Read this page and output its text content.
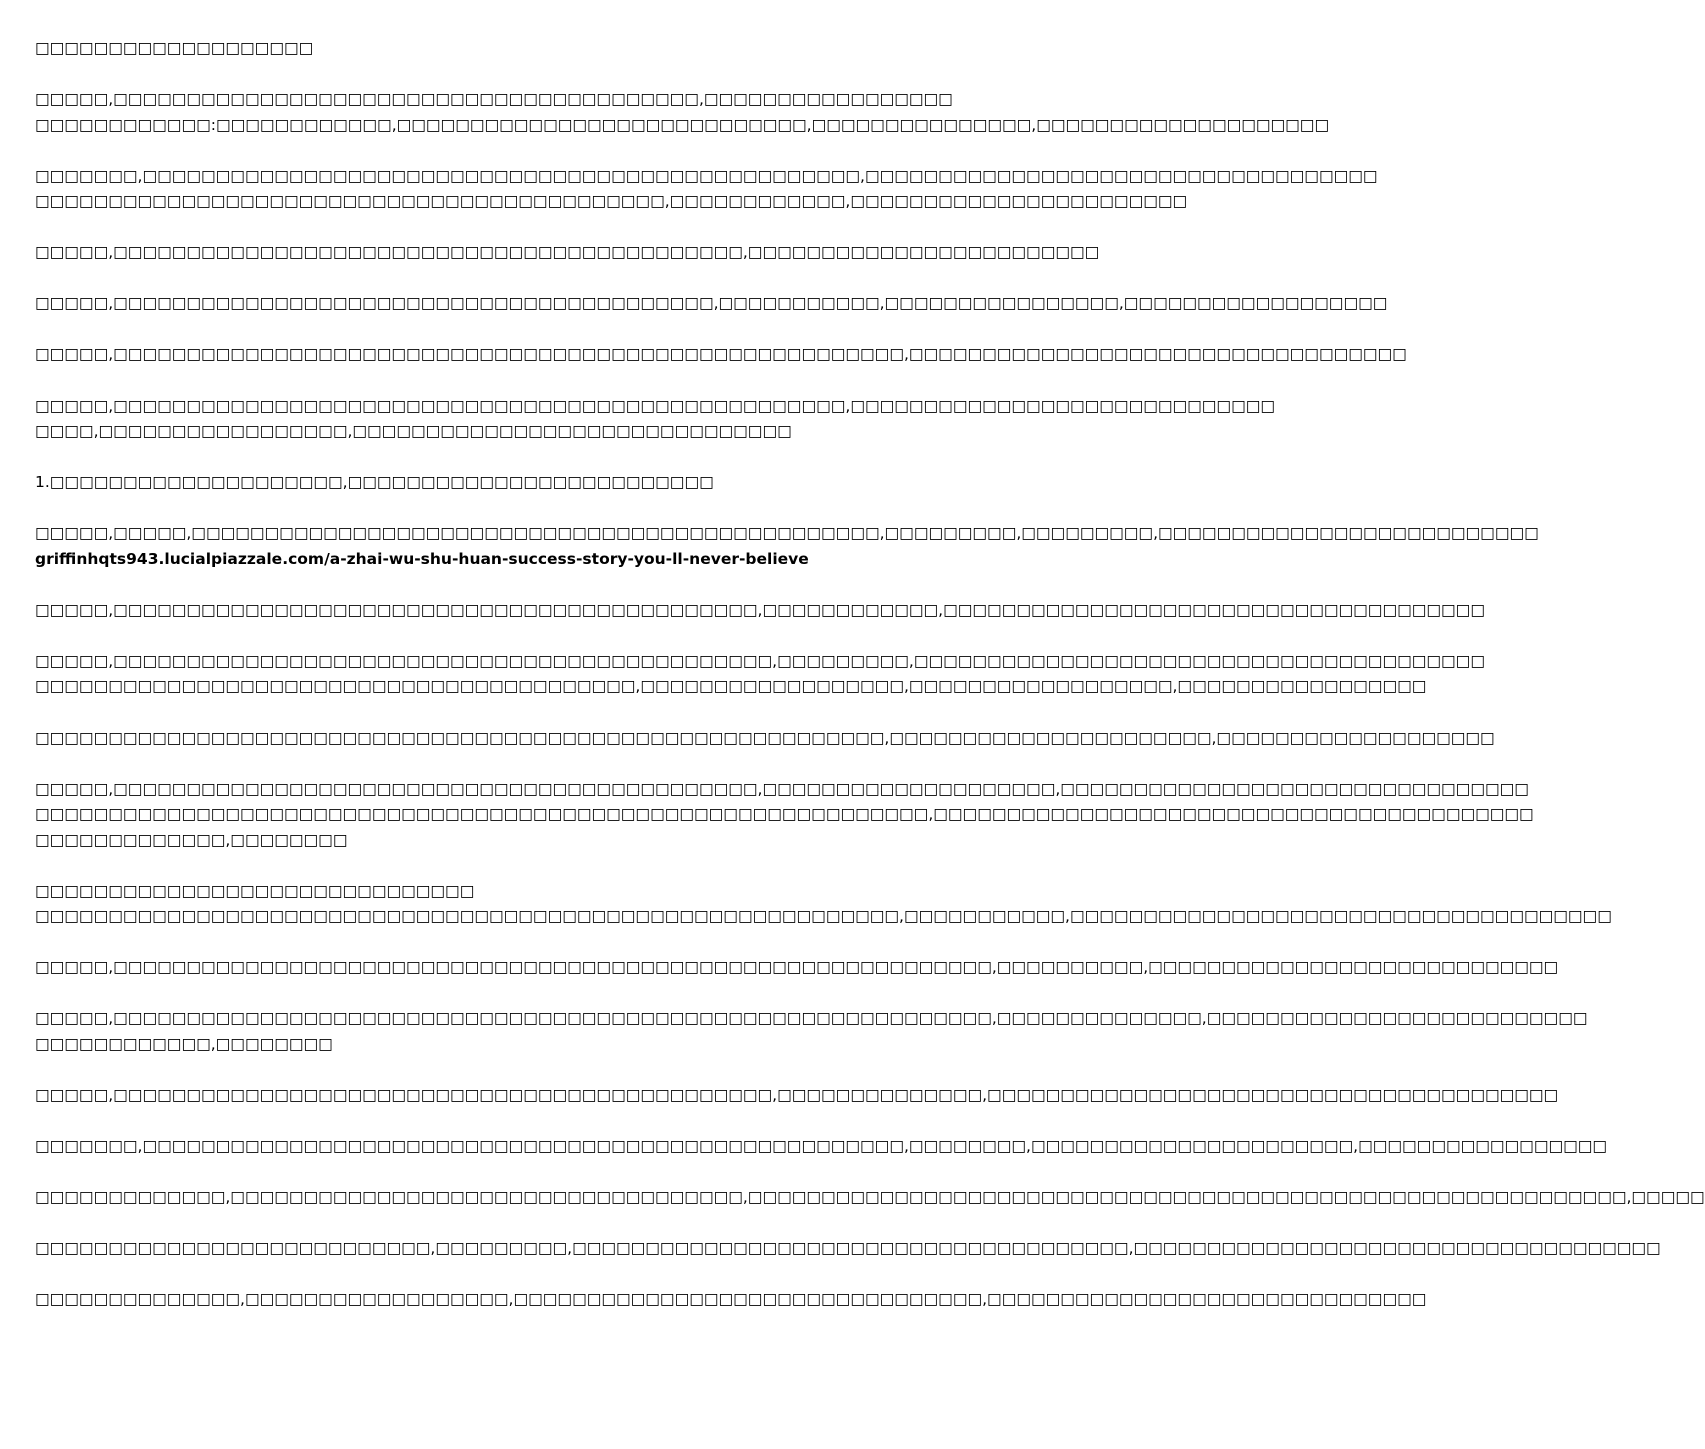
□□□□□□□□□□□□□□□□□□□

□□□□□,□□□□□□□□□□□□□□□□□□□□□□□□□□□□□□□□□□□□□□□□,□□□□□□□□□□□□□□□□□
□□□□□□□□□□□□:□□□□□□□□□□□□,□□□□□□□□□□□□□□□□□□□□□□□□□□□□,□□□□□□□□□□□□□□□,□□□□□□□□□□□□□□□□□□□□

□□□□□□□,□□□□□□□□□□□□□□□□□□□□□□□□□□□□□□□□□□□□□□□□□□□□□□□□□,□□□□□□□□□□□□□□□□□□□□□□□□□□□□□□□□□□□
□□□□□□□□□□□□□□□□□□□□□□□□□□□□□□□□□□□□□□□□□□□,□□□□□□□□□□□□,□□□□□□□□□□□□□□□□□□□□□□□

□□□□□,□□□□□□□□□□□□□□□□□□□□□□□□□□□□□□□□□□□□□□□□□□□,□□□□□□□□□□□□□□□□□□□□□□□□

□□□□□,□□□□□□□□□□□□□□□□□□□□□□□□□□□□□□□□□□□□□□□□□,□□□□□□□□□□□,□□□□□□□□□□□□□□□□,□□□□□□□□□□□□□□□□□□

□□□□□,□□□□□□□□□□□□□□□□□□□□□□□□□□□□□□□□□□□□□□□□□□□□□□□□□□□□□□,□□□□□□□□□□□□□□□□□□□□□□□□□□□□□□□□□□

□□□□□,□□□□□□□□□□□□□□□□□□□□□□□□□□□□□□□□□□□□□□□□□□□□□□□□□□,□□□□□□□□□□□□□□□□□□□□□□□□□□□□□
□□□□,□□□□□□□□□□□□□□□□□,□□□□□□□□□□□□□□□□□□□□□□□□□□□□□□

1.□□□□□□□□□□□□□□□□□□□□,□□□□□□□□□□□□□□□□□□□□□□□□□

□□□□□,□□□□□,□□□□□□□□□□□□□□□□□□□□□□□□□□□□□□□□□□□□□□□□□□□□□□□,□□□□□□□□□,□□□□□□□□□,□□□□□□□□□□□□□□□□□□□□□□□□□□
griffinhqts943.lucialpiazzale.com/a-zhai-wu-shu-huan-success-story-you-ll-never-believe

□□□□□,□□□□□□□□□□□□□□□□□□□□□□□□□□□□□□□□□□□□□□□□□□□□,□□□□□□□□□□□□,□□□□□□□□□□□□□□□□□□□□□□□□□□□□□□□□□□□□□

□□□□□,□□□□□□□□□□□□□□□□□□□□□□□□□□□□□□□□□□□□□□□□□□□□□,□□□□□□□□□,□□□□□□□□□□□□□□□□□□□□□□□□□□□□□□□□□□□□□□□
□□□□□□□□□□□□□□□□□□□□□□□□□□□□□□□□□□□□□□□□□,□□□□□□□□□□□□□□□□□□,□□□□□□□□□□□□□□□□□□,□□□□□□□□□□□□□□□□□

□□□□□□□□□□□□□□□□□□□□□□□□□□□□□□□□□□□□□□□□□□□□□□□□□□□□□□□□□□,□□□□□□□□□□□□□□□□□□□□□□,□□□□□□□□□□□□□□□□□□□

□□□□□,□□□□□□□□□□□□□□□□□□□□□□□□□□□□□□□□□□□□□□□□□□□□,□□□□□□□□□□□□□□□□□□□□,□□□□□□□□□□□□□□□□□□□□□□□□□□□□□□□□
□□□□□□□□□□□□□□□□□□□□□□□□□□□□□□□□□□□□□□□□□□□□□□□□□□□□□□□□□□□□□,□□□□□□□□□□□□□□□□□□□□□□□□□□□□□□□□□□□□□□□□□
□□□□□□□□□□□□□,□□□□□□□□

□□□□□□□□□□□□□□□□□□□□□□□□□□□□□□
□□□□□□□□□□□□□□□□□□□□□□□□□□□□□□□□□□□□□□□□□□□□□□□□□□□□□□□□□□□,□□□□□□□□□□□,□□□□□□□□□□□□□□□□□□□□□□□□□□□□□□□□□□□□□

□□□□□,□□□□□□□□□□□□□□□□□□□□□□□□□□□□□□□□□□□□□□□□□□□□□□□□□□□□□□□□□□□□,□□□□□□□□□□,□□□□□□□□□□□□□□□□□□□□□□□□□□□□

□□□□□,□□□□□□□□□□□□□□□□□□□□□□□□□□□□□□□□□□□□□□□□□□□□□□□□□□□□□□□□□□□□,□□□□□□□□□□□□□□,□□□□□□□□□□□□□□□□□□□□□□□□□□
□□□□□□□□□□□□,□□□□□□□□

□□□□□,□□□□□□□□□□□□□□□□□□□□□□□□□□□□□□□□□□□□□□□□□□□□□,□□□□□□□□□□□□□□,□□□□□□□□□□□□□□□□□□□□□□□□□□□□□□□□□□□□□□□

□□□□□□□,□□□□□□□□□□□□□□□□□□□□□□□□□□□□□□□□□□□□□□□□□□□□□□□□□□□□,□□□□□□□□,□□□□□□□□□□□□□□□□□□□□□□,□□□□□□□□□□□□□□□□□

□□□□□□□□□□□□□,□□□□□□□□□□□□□□□□□□□□□□□□□□□□□□□□□□□,□□□□□□□□□□□□□□□□□□□□□□□□□□□□□□□□□□□□□□□□□□□□□□□□□□□□□□□□□□□□,□□□□□

□□□□□□□□□□□□□□□□□□□□□□□□□□□,□□□□□□□□□,□□□□□□□□□□□□□□□□□□□□□□□□□□□□□□□□□□□□□□,□□□□□□□□□□□□□□□□□□□□□□□□□□□□□□□□□□□□

□□□□□□□□□□□□□□,□□□□□□□□□□□□□□□□□□,□□□□□□□□□□□□□□□□□□□□□□□□□□□□□□□□,□□□□□□□□□□□□□□□□□□□□□□□□□□□□□□
